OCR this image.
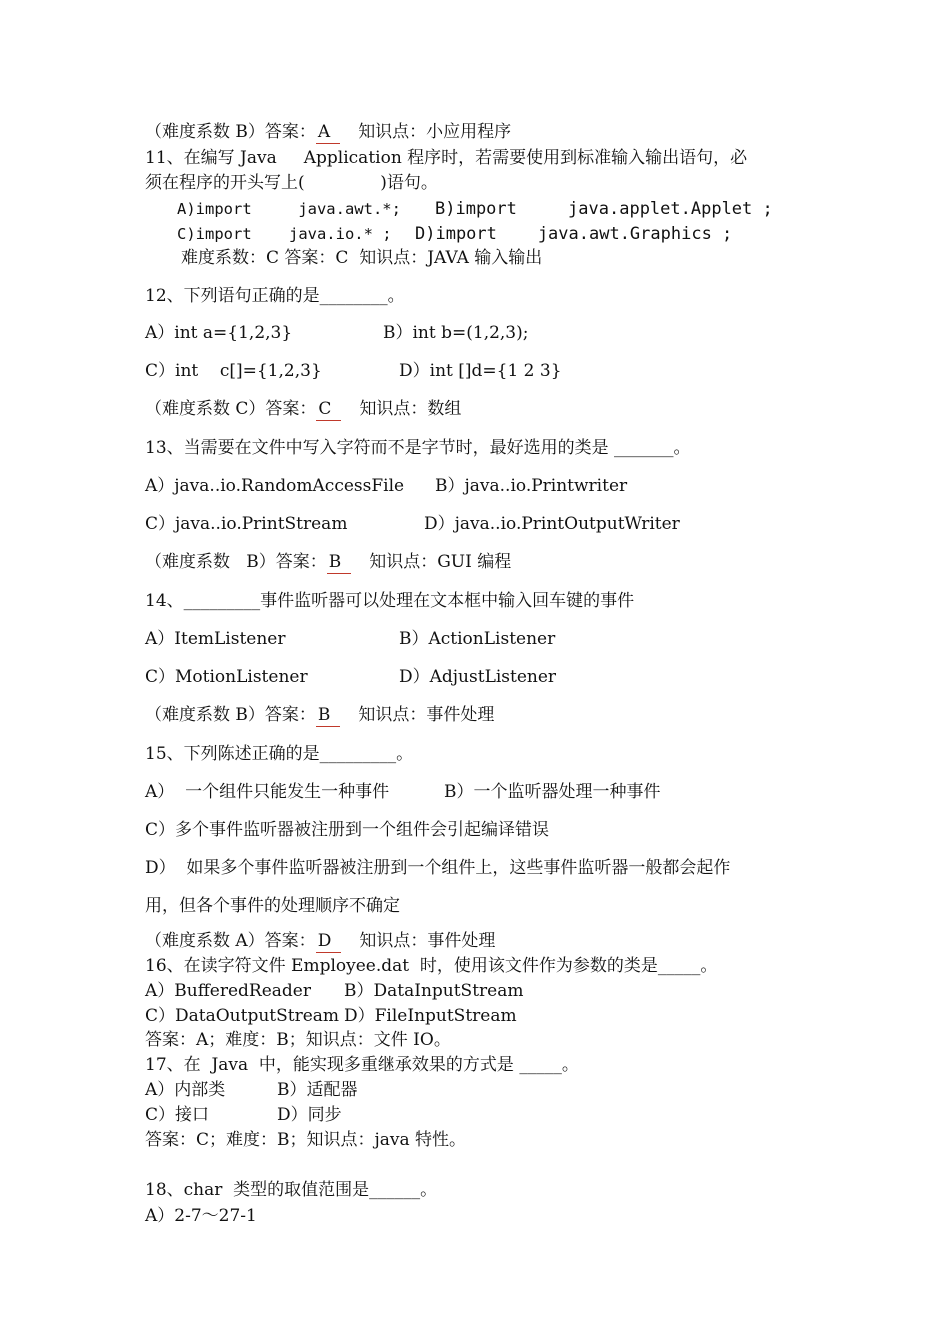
（难度系数 B）答案： A 知识点：小应用程序
11、在编写 Java     Application 程序时，若需要使用到标准输入输出语句，必
须在程序的开头写上(              )语句。
A)import     java.awt.*; B)import     java.applet.Applet ;
C)import    java.io.* ; D)import    java.awt.Graphics ;
难度系数：C 答案：C  知识点：JAVA 输入输出
12、下列语句正确的是________。
A）int a={1,2,3}	B）int b=(1,2,3);
C）int    c[]={1,2,3}	D）int []d={1 2 3}
（难度系数 C）答案： C 知识点：数组
13、当需要在文件中写入字符而不是字节时，最好选用的类是 _______。
A）java..io.RandomAccessFile B）java..io.Printwriter
C）java..io.PrintStream	D）java..io.PrintOutputWriter
（难度系数   B）答案： B 知识点：GUI 编程
14、_________事件监听器可以处理在文本框中输入回车键的事件
A）ItemListener	B）ActionListener
C）MotionListener	D）AdjustListener
（难度系数 B）答案： B 知识点：事件处理
15、下列陈述正确的是_________。
A）  一个组件只能发生一种事件	B）一个监听器处理一种事件
C）多个事件监听器被注册到一个组件会引起编译错误
D）  如果多个事件监听器被注册到一个组件上，这些事件监听器一般都会起作
用，但各个事件的处理顺序不确定
（难度系数 A）答案： D 知识点：事件处理
16、在读字符文件 Employee.dat  时，使用该文件作为参数的类是_____。
A）BufferedReader B）DataInputStream
C）DataOutputStream D）FileInputStream
答案：A；难度：B；知识点：文件 IO。
17、在  Java  中，能实现多重继承效果的方式是 _____。
A）内部类	B）适配器
C）接口	D）同步
答案：C；难度：B；知识点：java 特性。
18、char  类型的取值范围是______。
A）2-7～27-1
